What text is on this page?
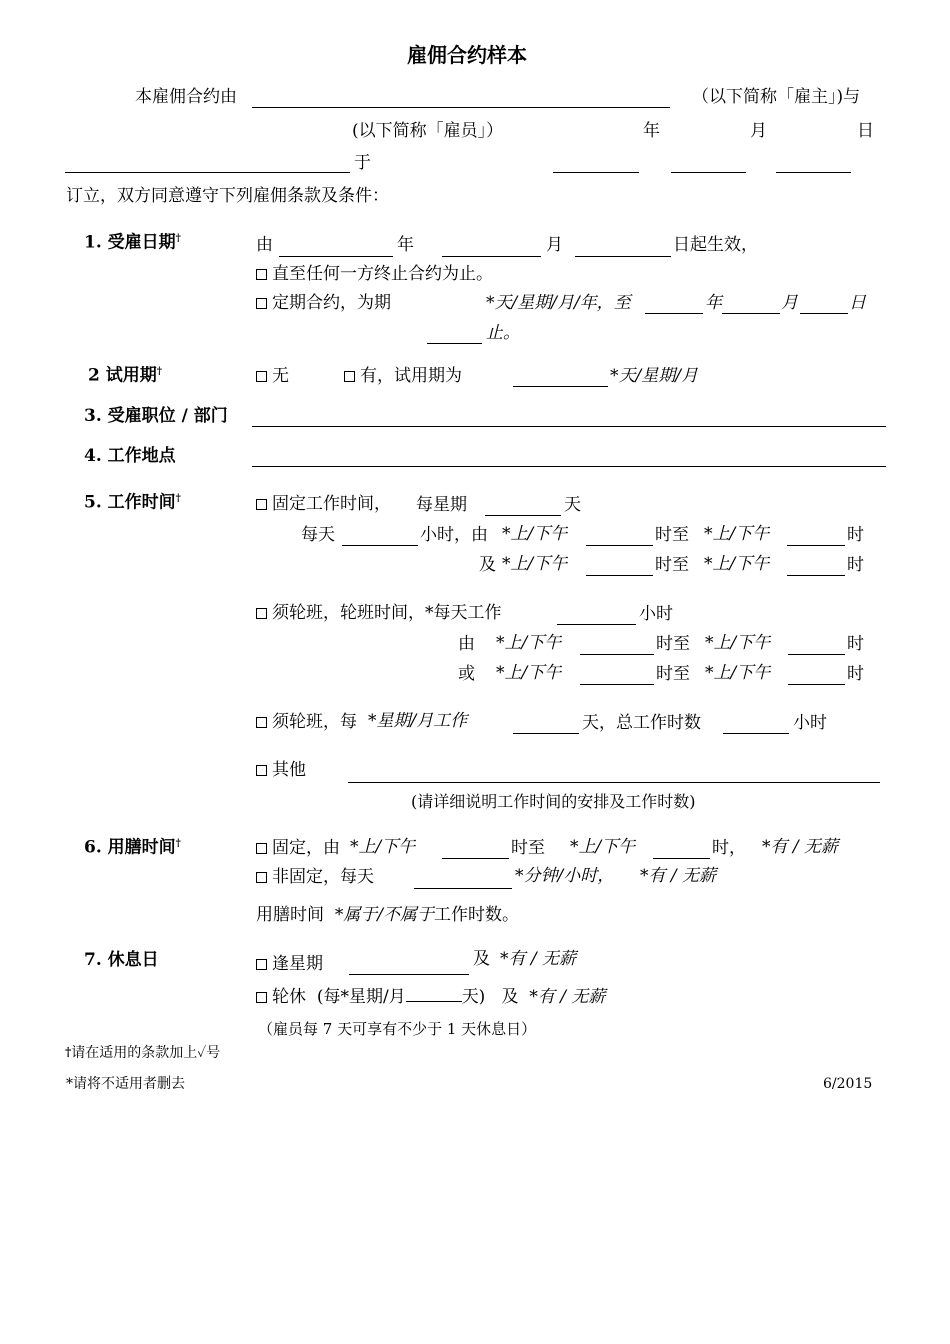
雇佣合约样本
本雇佣合约由	（以下简称「雇主」)与
(以下简称「雇员」）	年	月	日
于
订立，双方同意遵守下列雇佣条款及条件：
1. 受雇日期†	由	年	月	日起生效，
直至任何一方终止合约为止。
定期合约，为期	*天/星期/月/年，至	年	月	日
止。
2 试用期†	无	有，试用期为	*天/星期/月
3. 受雇职位 / 部门
4. 工作地点
5. 工作时间†	固定工作时间， 每星期	天
每天	小时，由 *上/下午	时至 *上/下午	时
及 *上/下午	时至 *上/下午	时
须轮班，轮班时间，*每天工作	小时
由 *上/下午	时至 *上/下午	时
或 *上/下午	时至 *上/下午	时
须轮班，每 *星期/月工作	天，总工作时数	小时
其他
(请详细说明工作时间的安排及工作时数)
6. 用膳时间†	固定，由 *上/下午	时至 *上/下午	时， *有 / 无薪
非固定，每天	*分钟/小时， *有 / 无薪
用膳时间 *属于/不属于工作时数。
7. 休息日	逢星期	及 *有 / 无薪
轮休 (每*星期/月	天) 及 *有 / 无薪
（雇员每 7 天可享有不少于 1 天休息日）
†请在适用的条款加上✓号
*请将不适用者删去	6/2015
